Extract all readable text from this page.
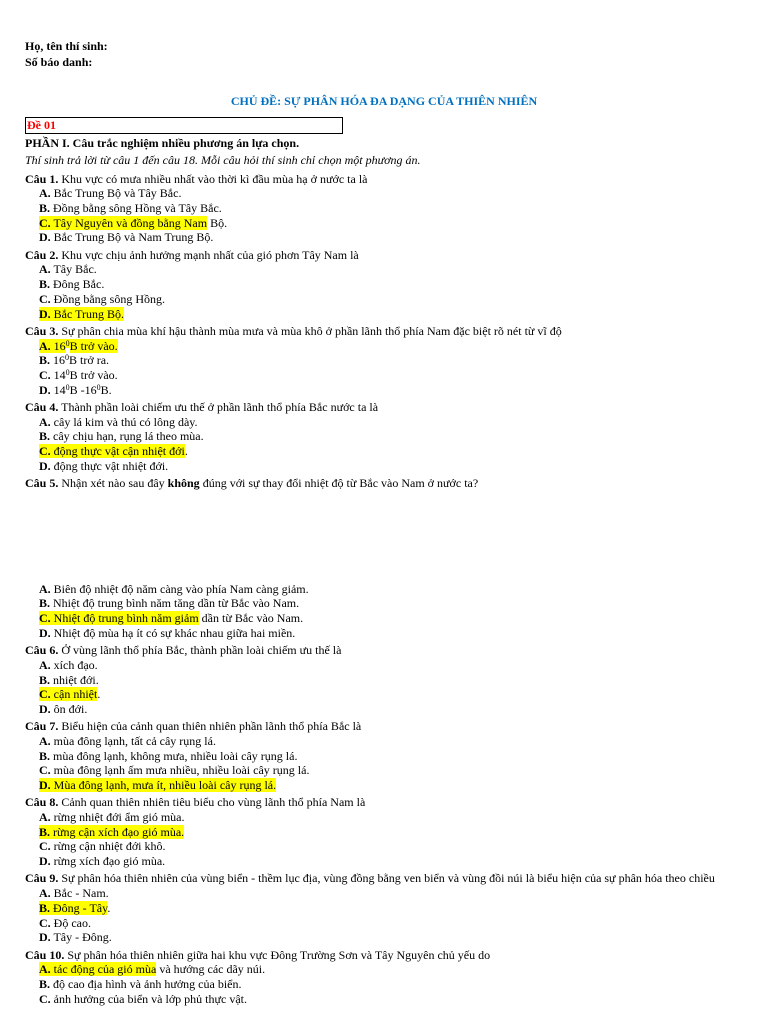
Họ, tên thí sinh:
Số báo danh:
CHỦ ĐỀ: SỰ PHÂN HÓA ĐA DẠNG CỦA THIÊN NHIÊN
Đề 01
PHẦN I. Câu trắc nghiệm nhiều phương án lựa chọn.
Thí sinh trả lời từ câu 1 đến câu 18. Mỗi câu hỏi thí sinh chỉ chọn một phương án.
Câu 1. Khu vực có mưa nhiều nhất vào thời kì đầu mùa hạ ở nước ta là
A. Bắc Trung Bộ và Tây Bắc.
B. Đồng bằng sông Hồng và Tây Bắc.
C. Tây Nguyên và đồng bằng Nam Bộ.
D. Bắc Trung Bộ và Nam Trung Bộ.
Câu 2. Khu vực chịu ảnh hưởng mạnh nhất của gió phơn Tây Nam là
A. Tây Bắc.
B. Đông Bắc.
C. Đồng bằng sông Hồng.
D. Bắc Trung Bộ.
Câu 3. Sự phân chia mùa khí hậu thành mùa mưa và mùa khô ở phần lãnh thổ phía Nam đặc biệt rõ nét từ vĩ độ
A. $16^0B$ trở vào.
B. $16^0B$ trở ra.
C. $14^0B$ trở vào.
D. $14^0B$ $-16^0B$.
Câu 4. Thành phần loài chiếm ưu thế ở phần lãnh thổ phía Bắc nước ta là
A. cây lá kim và thú có lông dày.
B. cây chịu hạn, rụng lá theo mùa.
C. động thực vật cận nhiệt đới.
D. động thực vật nhiệt đới.
Câu 5. Nhận xét nào sau đây không đúng với sự thay đổi nhiệt độ từ Bắc vào Nam ở nước ta?
A. Biên độ nhiệt độ năm càng vào phía Nam càng giảm.
B. Nhiệt độ trung bình năm tăng dần từ Bắc vào Nam.
C. Nhiệt độ trung bình năm giảm dần từ Bắc vào Nam.
D. Nhiệt độ mùa hạ ít có sự khác nhau giữa hai miền.
Câu 6. Ở vùng lãnh thổ phía Bắc, thành phần loài chiếm ưu thế là
A. xích đạo.
B. nhiệt đới.
C. cận nhiệt.
D. ôn đới.
Câu 7. Biểu hiện của cảnh quan thiên nhiên phần lãnh thổ phía Bắc là
A. mùa đông lạnh, tất cả cây rụng lá.
B. mùa đông lạnh, không mưa, nhiều loài cây rụng lá.
C. mùa đông lạnh ấm mưa nhiều, nhiều loài cây rụng lá.
D. Mùa đông lạnh, mưa ít, nhiều loài cây rụng lá.
Câu 8. Cảnh quan thiên nhiên tiêu biểu cho vùng lãnh thổ phía Nam là
A. rừng nhiệt đới ẩm gió mùa.
B. rừng cận xích đạo gió mùa.
C. rừng cận nhiệt đới khô.
D. rừng xích đạo gió mùa.
Câu 9. Sự phân hóa thiên nhiên của vùng biển - thềm lục địa, vùng đồng bằng ven biển và vùng đồi núi là biểu hiện của sự phân hóa theo chiều
A. Bắc - Nam.
B. Đông - Tây.
C. Độ cao.
D. Tây - Đông.
Câu 10. Sự phân hóa thiên nhiên giữa hai khu vực Đông Trường Sơn và Tây Nguyên chủ yếu do
A. tác động của gió mùa và hướng các dãy núi.
B. độ cao địa hình và ảnh hưởng của biển.
C. ảnh hưởng của biển và lớp phủ thực vật.
